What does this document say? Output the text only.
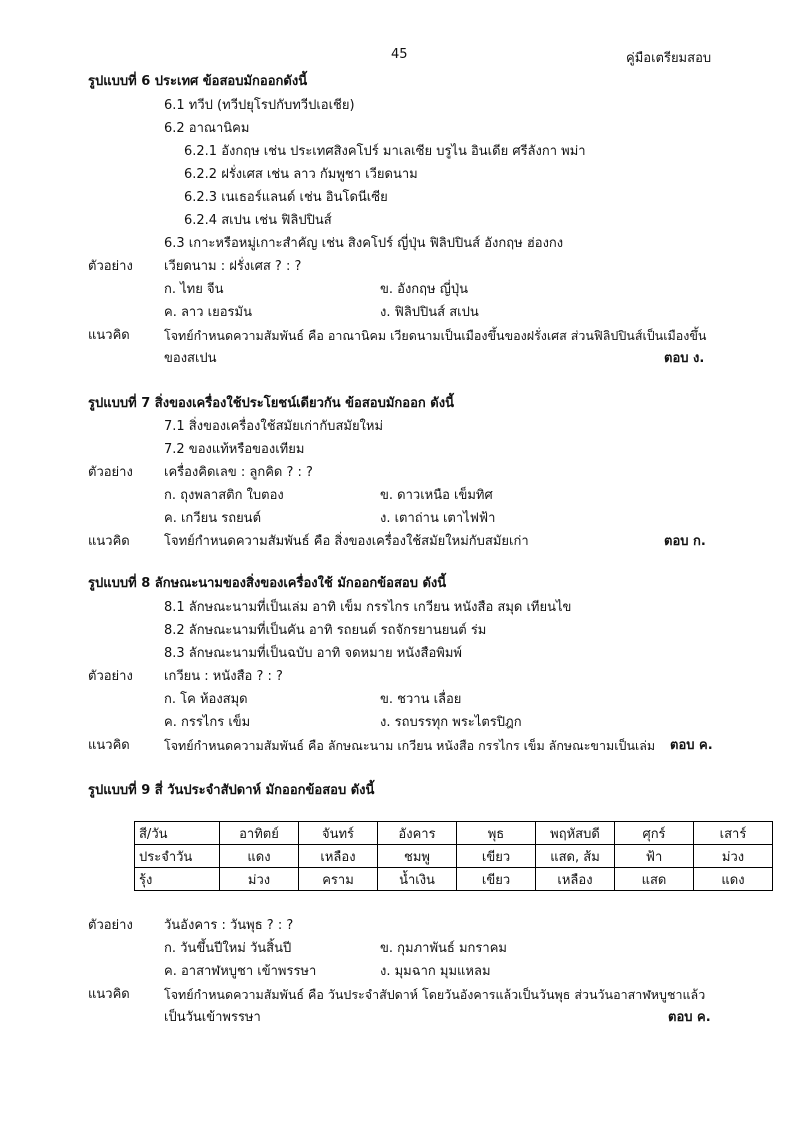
45	คู่มือเตรียมสอบ
รูปแบบที่ 6 ประเทศ ข้อสอบมักออกดังนี้
6.1 ทวีป (ทวีปยุโรปกับทวีปเอเชีย)
6.2 อาณานิคม
6.2.1 อังกฤษ เช่น ประเทศสิงคโปร์ มาเลเซีย บรูไน อินเดีย ศรีลังกา พม่า
6.2.2 ฝรั่งเศส เช่น ลาว กัมพูชา เวียดนาม
6.2.3 เนเธอร์แลนด์ เช่น อินโดนีเซีย
6.2.4 สเปน เช่น ฟิลิปปินส์
6.3 เกาะหรือหมู่เกาะสำคัญ เช่น สิงคโปร์ ญี่ปุ่น ฟิลิปปินส์ อังกฤษ ฮ่องกง
ตัวอย่าง เวียดนาม : ฝรั่งเศส ? : ?
ก. ไทย จีน	ข. อังกฤษ ญี่ปุ่น
ค. ลาว เยอรมัน	ง. ฟิลิปปินส์ สเปน
แนวคิด	โจทย์กำหนดความสัมพันธ์ คือ อาณานิคม เวียดนามเป็นเมืองขึ้นของฝรั่งเศส ส่วนฟิลิปปินส์เป็นเมืองขึ้น
ของสเปน	ตอบ ง.
รูปแบบที่ 7 สิ่งของเครื่องใช้ประโยชน์เดียวกัน ข้อสอบมักออก ดังนี้
7.1 สิ่งของเครื่องใช้สมัยเก่ากับสมัยใหม่
7.2 ของแท้หรือของเทียม
ตัวอย่าง เครื่องคิดเลข : ลูกคิด ? : ?
ก. ถุงพลาสติก ใบตอง	ข. ดาวเหนือ เข็มทิศ
ค. เกวียน รถยนต์	ง. เตาถ่าน เตาไฟฟ้า
แนวคิด	โจทย์กำหนดความสัมพันธ์ คือ สิ่งของเครื่องใช้สมัยใหม่กับสมัยเก่า	ตอบ ก.
รูปแบบที่ 8 ลักษณะนามของสิ่งของเครื่องใช้ มักออกข้อสอบ ดังนี้
8.1 ลักษณะนามที่เป็นเล่ม อาทิ เข็ม กรรไกร เกวียน หนังสือ สมุด เทียนไข
8.2 ลักษณะนามที่เป็นคัน อาทิ รถยนต์ รถจักรยานยนต์ ร่ม
8.3 ลักษณะนามที่เป็นฉบับ อาทิ จดหมาย หนังสือพิมพ์
ตัวอย่าง เกวียน : หนังสือ ? : ?
ก. โค ห้องสมุด	ข. ชวาน เลื่อย
ค. กรรไกร เข็ม	ง. รถบรรทุก พระไตรปิฎก
แนวคิด	โจทย์กำหนดความสัมพันธ์ คือ ลักษณะนาม เกวียน หนังสือ กรรไกร เข็ม ลักษณะขามเป็นเล่ม ตอบ ค.
รูปแบบที่ 9 สี่ วันประจำสัปดาห์ มักออกข้อสอบ ดังนี้
สี/วัน	อาทิตย์	จันทร์	อังคาร	พุธ	พฤหัสบดี	ศุกร์	เสาร์
ประจำวัน	แดง	เหลือง	ชมพู	เขียว	แสด, ส้ม	ฟ้า	ม่วง
รุ้ง	ม่วง	คราม	น้ำเงิน	เขียว	เหลือง	แสด	แดง
ตัวอย่าง วันอังคาร : วันพุธ ? : ?
ก. วันขึ้นปีใหม่ วันสิ้นปี	ข. กุมภาพันธ์ มกราคม
ค. อาสาฬหบูชา เข้าพรรษา	ง. มุมฉาก มุมแหลม
แนวคิด	โจทย์กำหนดความสัมพันธ์ คือ วันประจำสัปดาห์ โดยวันอังคารแล้วเป็นวันพุธ ส่วนวันอาสาฬหบูชาแล้ว
เป็นวันเข้าพรรษา	ตอบ ค.
